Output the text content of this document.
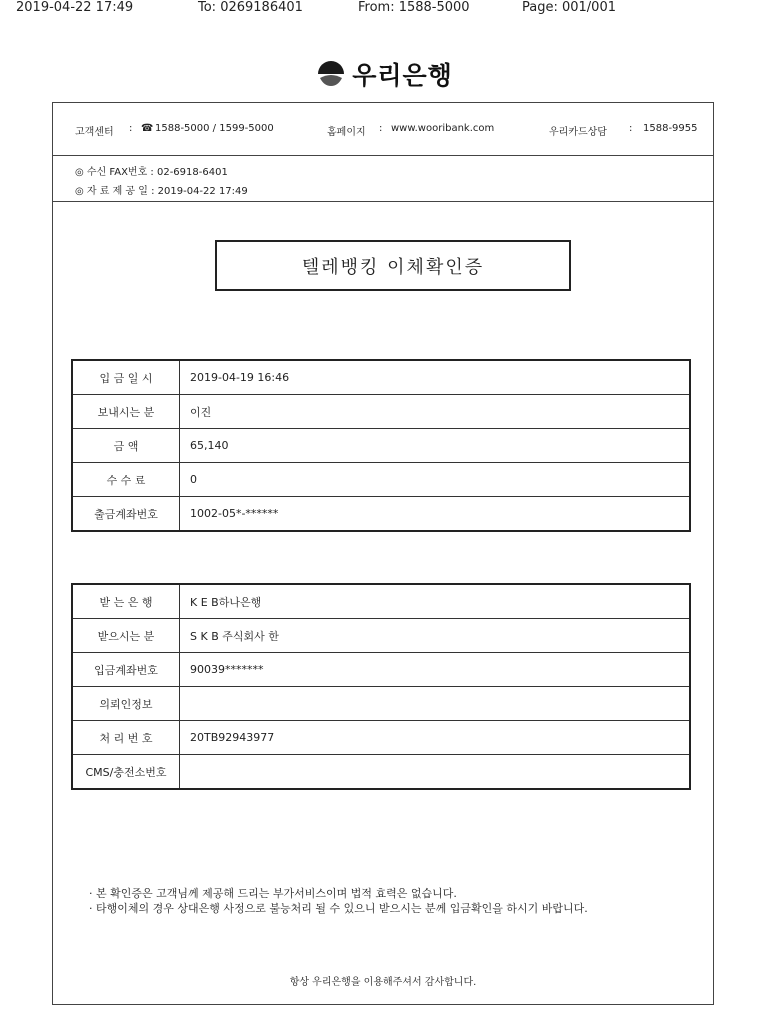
2019-04-22 17:49	To: 0269186401	From: 1588-5000	Page: 001/001
우리은행
고객센터 : ☎ 1588-5000 / 1599-5000	홈페이지 : www.wooribank.com	우리카드상담 : 1588-9955
◎ 수신 FAX번호 : 02-6918-6401
◎ 자 료 제 공 일 : 2019-04-22 17:49
텔레뱅킹 이체확인증
입 금 일 시	2019-04-19 16:46
보내시는 분	이진
금 액	65,140
수 수 료	0
출금계좌번호	1002-05*-******
받 는 은 행	K E B하나은행
받으시는 분	S K B 주식회사 한
입금계좌번호	90039*******
의뢰인정보	
처 리 번 호	20TB92943977
CMS/충전소번호	
· 본 확인증은 고객님께 제공해 드리는 부가서비스이며 법적 효력은 없습니다.
· 타행이체의 경우 상대은행 사정으로 불능처리 될 수 있으니 받으시는 분께 입금확인을 하시기 바랍니다.
항상 우리은행을 이용해주셔서 감사합니다.
